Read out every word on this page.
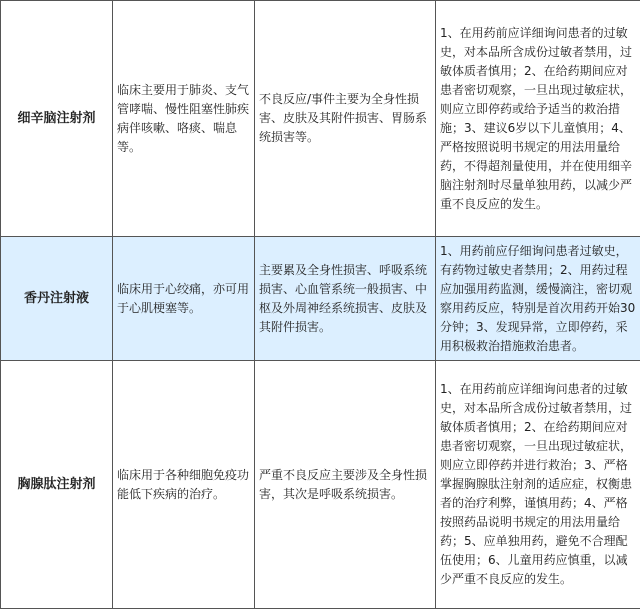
细辛脑注射剂	临床主要用于肺炎、支气管哮喘、慢性阻塞性肺疾病伴咳嗽、咯痰、喘息等。	不良反应/事件主要为全身性损害、皮肤及其附件损害、胃肠系统损害等。	1、在用药前应详细询问患者的过敏史，对本品所含成份过敏者禁用，过敏体质者慎用；2、在给药期间应对患者密切观察，一旦出现过敏症状，则应立即停药或给予适当的救治措施；3、建议6岁以下儿童慎用；4、严格按照说明书规定的用法用量给药，不得超剂量使用，并在使用细辛脑注射剂时尽量单独用药，以减少严重不良反应的发生。
香丹注射液	临床用于心绞痛，亦可用于心肌梗塞等。	主要累及全身性损害、呼吸系统损害、心血管系统一般损害、中枢及外周神经系统损害、皮肤及其附件损害。	1、用药前应仔细询问患者过敏史，有药物过敏史者禁用；2、用药过程应加强用药监测，缓慢滴注，密切观察用药反应，特别是首次用药开始30分钟；3、发现异常，立即停药，采用积极救治措施救治患者。
胸腺肽注射剂	临床用于各种细胞免疫功能低下疾病的治疗。	严重不良反应主要涉及全身性损害，其次是呼吸系统损害。	1、在用药前应详细询问患者的过敏史，对本品所含成份过敏者禁用，过敏体质者慎用；2、在给药期间应对患者密切观察，一旦出现过敏症状，则应立即停药并进行救治；3、严格掌握胸腺肽注射剂的适应症，权衡患者的治疗利弊，谨慎用药；4、严格按照药品说明书规定的用法用量给药；5、应单独用药，避免不合理配伍使用；6、儿童用药应慎重，以减少严重不良反应的发生。
